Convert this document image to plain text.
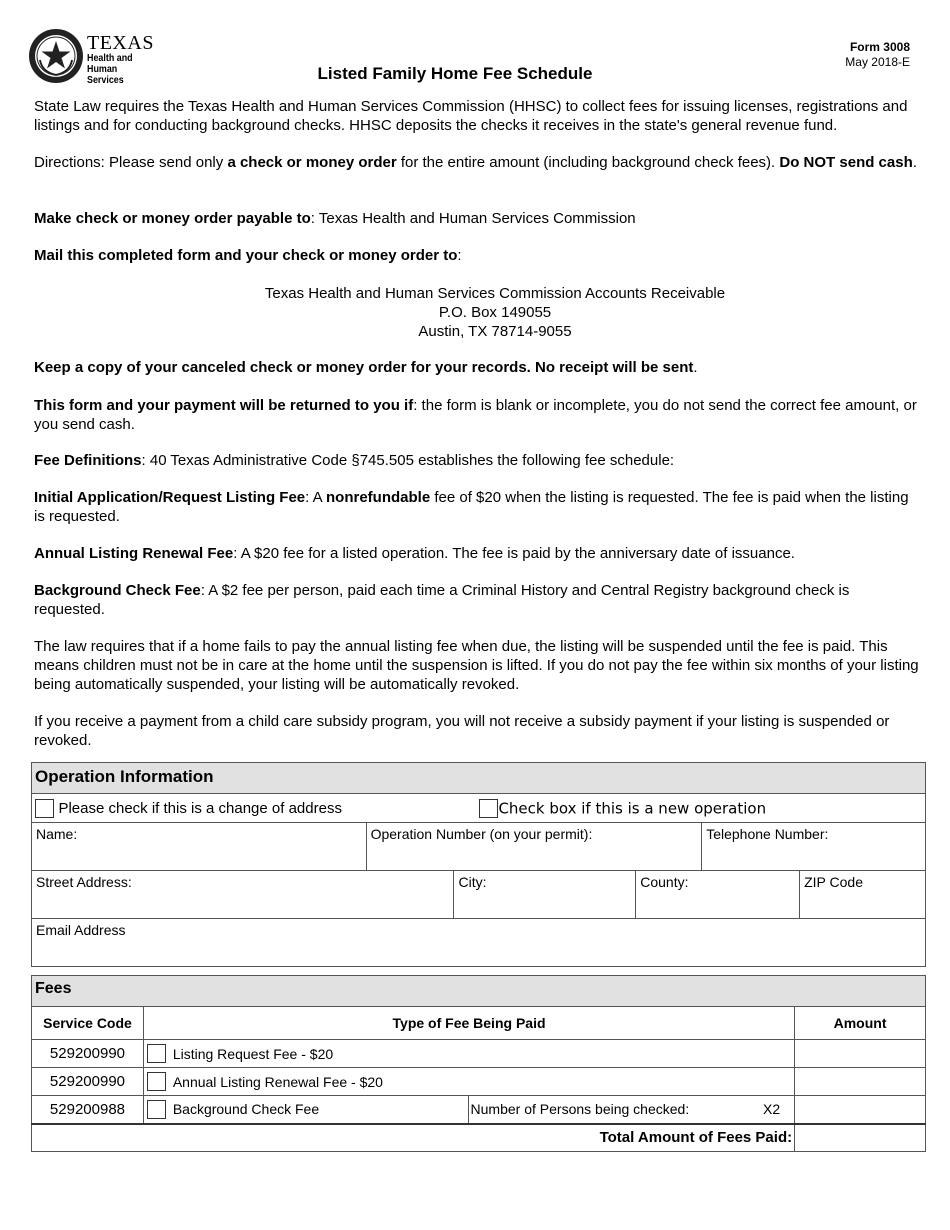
TEXAS
Health and Human
Services
Form 3008
May 2018-E
Listed Family Home Fee Schedule
State Law requires the Texas Health and Human Services Commission (HHSC) to collect fees for issuing licenses, registrations and listings and for conducting background checks. HHSC deposits the checks it receives in the state's general revenue fund.
Directions: Please send only a check or money order for the entire amount (including background check fees). Do NOT send cash.
Make check or money order payable to: Texas Health and Human Services Commission
Mail this completed form and your check or money order to:
Texas Health and Human Services Commission Accounts Receivable
P.O. Box 149055
Austin, TX 78714-9055
Keep a copy of your canceled check or money order for your records. No receipt will be sent.
This form and your payment will be returned to you if: the form is blank or incomplete, you do not send the correct fee amount, or you send cash.
Fee Definitions: 40 Texas Administrative Code §745.505 establishes the following fee schedule:
Initial Application/Request Listing Fee: A nonrefundable fee of $20 when the listing is requested. The fee is paid when the listing is requested.
Annual Listing Renewal Fee: A $20 fee for a listed operation. The fee is paid by the anniversary date of issuance.
Background Check Fee: A $2 fee per person, paid each time a Criminal History and Central Registry background check is requested.
The law requires that if a home fails to pay the annual listing fee when due, the listing will be suspended until the fee is paid. This means children must not be in care at the home until the suspension is lifted. If you do not pay the fee within six months of your listing being automatically suspended, your listing will be automatically revoked.
If you receive a payment from a child care subsidy program, you will not receive a subsidy payment if your listing is suspended or revoked.
Operation Information					
Please check if this is a change of address Check box if this is a new operation					
Name:	Operation Number (on your permit):			Telephone Number:	
Street Address:		City:	County:		ZIP Code
Email Address					
Fees			
Service Code	Type of Fee Being Paid		Amount
529200990	Listing Request Fee - $20		
529200990	Annual Listing Renewal Fee - $20		
529200988	Background Check Fee	Number of Persons being checked: X2	

Total Amount of Fees Paid:			
